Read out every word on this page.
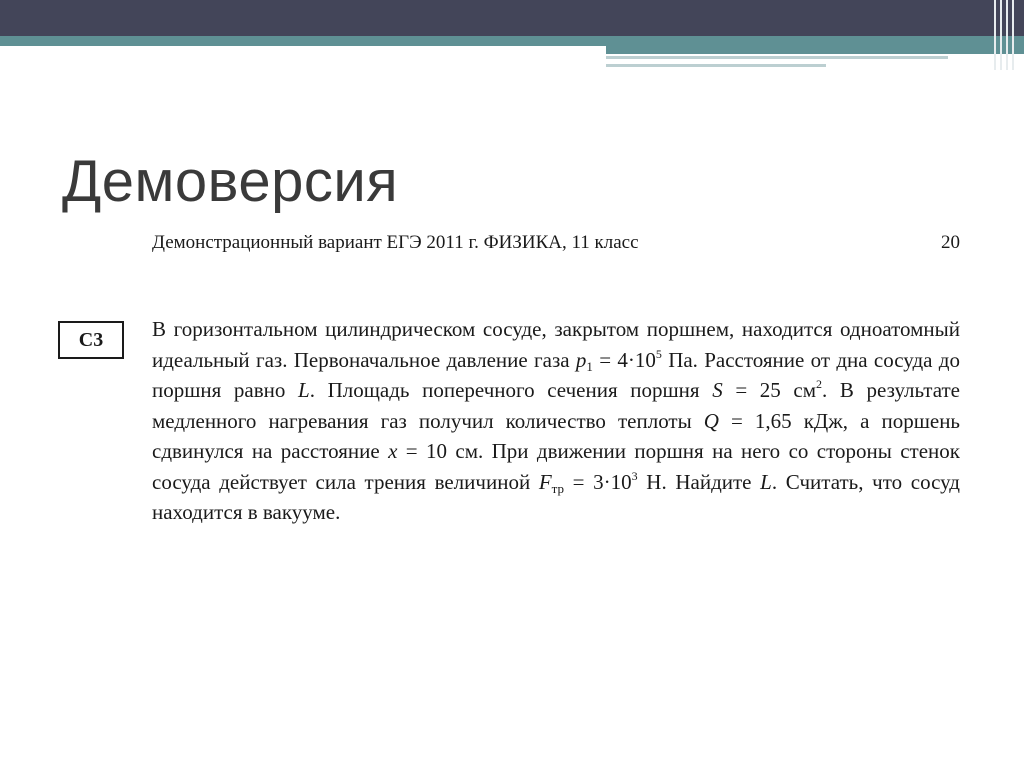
Демоверсия
Демонстрационный вариант ЕГЭ 2011 г. ФИЗИКА, 11 класс	20
С3 В горизонтальном цилиндрическом сосуде, закрытом поршнем, находится одноатомный идеальный газ. Первоначальное давление газа $p_1 = 4\cdot 10^5$ Па. Расстояние от дна сосуда до поршня равно L. Площадь поперечного сечения поршня S = 25 $см^2$. В результате медленного нагревания газ получил количество теплоты Q = 1,65 кДж, а поршень сдвинулся на расстояние x = 10 см. При движении поршня на него со стороны стенок сосуда действует сила трения величиной $F_{тр} = 3\cdot 10^3$ Н. Найдите L. Считать, что сосуд находится в вакууме.
